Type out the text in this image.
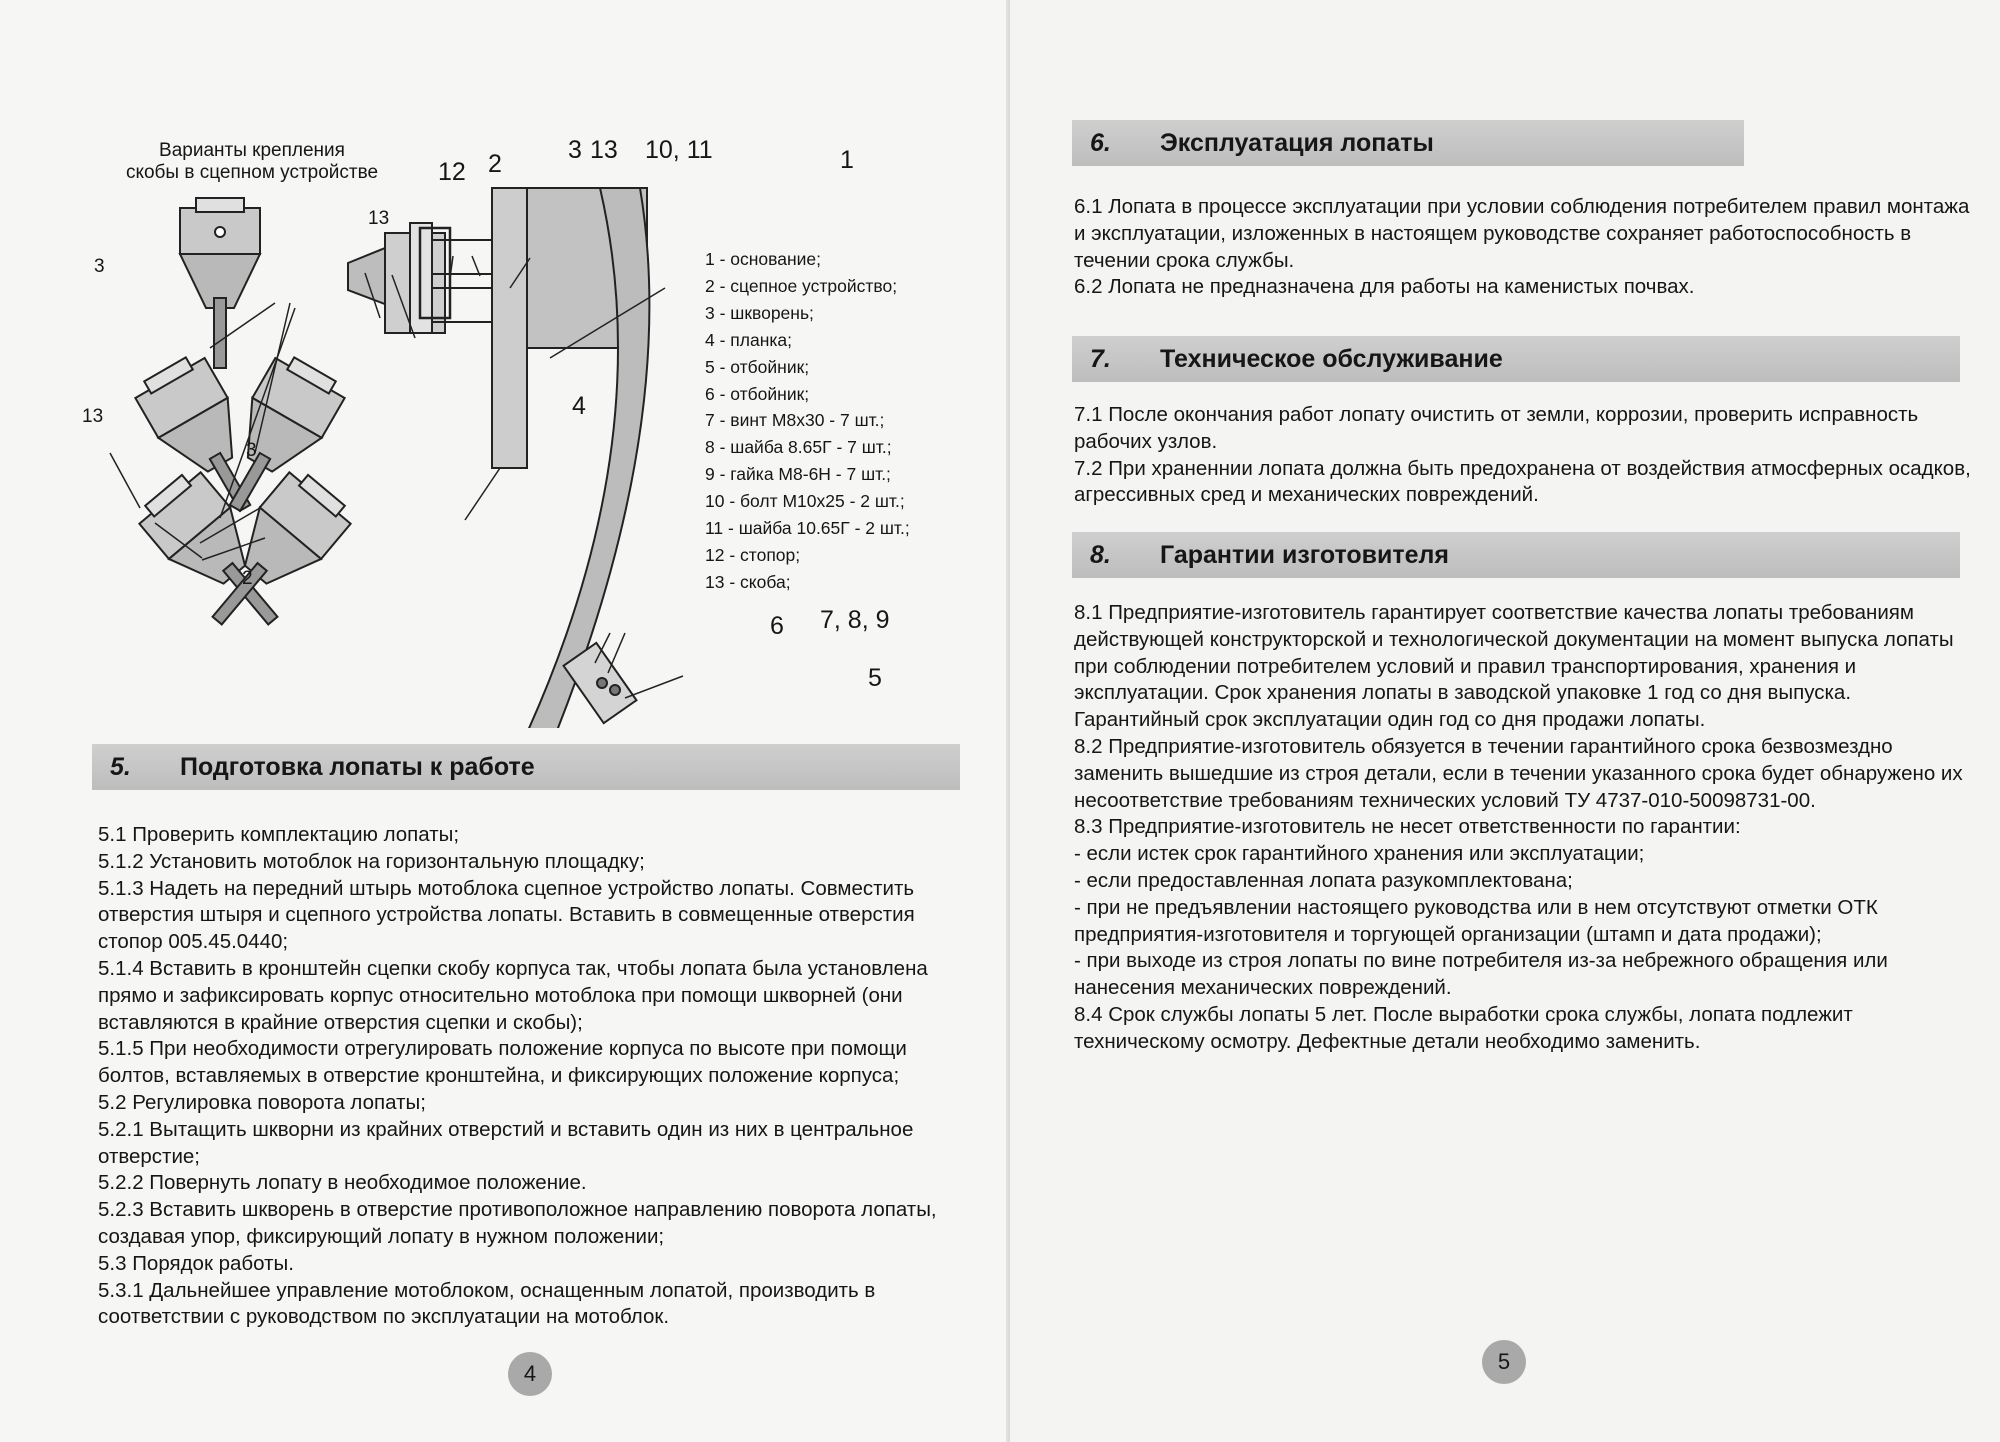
Варианты крепления
скобы в сцепном устройстве 12 2	3 13 10, 11	1
13
3
13
3
2
4
6 7, 8, 9
5
1 - основание;
2 - сцепное устройство;
3 - шкворень;
4 - планка;
5 - отбойник;
6 - отбойник;
7 - винт М8х30 - 7 шт.;
8 - шайба 8.65Г - 7 шт.;
9 - гайка М8-6Н - 7 шт.;
10 - болт М10х25 - 2 шт.;
11 - шайба 10.65Г - 2 шт.;
12 - стопор;
13 - скоба;
5.	Подготовка лопаты к работе
5.1 Проверить комплектацию лопаты;
5.1.2 Установить мотоблок на горизонтальную площадку;
5.1.3 Надеть на передний штырь мотоблока сцепное устройство лопаты. Совместить отверстия штыря и сцепного устройства лопаты. Вставить в совмещенные отверстия стопор 005.45.0440;
5.1.4 Вставить в кронштейн сцепки скобу корпуса так, чтобы лопата была установлена прямо и зафиксировать корпус относительно мотоблока при помощи шкворней (они вставляются в крайние отверстия сцепки и скобы);
5.1.5 При необходимости отрегулировать положение корпуса по высоте при помощи болтов, вставляемых в отверстие кронштейна, и фиксирующих положение корпуса;
5.2 Регулировка поворота лопаты;
5.2.1 Вытащить шкворни из крайних отверстий и вставить один из них в центральное отверстие;
5.2.2 Повернуть лопату в необходимое положение.
5.2.3 Вставить шкворень в отверстие противоположное направлению поворота лопаты, создавая упор, фиксирующий лопату в нужном положении;
5.3 Порядок работы.
5.3.1 Дальнейшее управление мотоблоком, оснащенным лопатой, производить в соответствии с руководством по эксплуатации на мотоблок.
4
6.	Эксплуатация лопаты
6.1 Лопата в процессе эксплуатации при условии соблюдения потребителем правил монтажа и эксплуатации, изложенных в настоящем руководстве сохраняет работоспособность в течении срока службы.
6.2 Лопата не предназначена для работы на каменистых почвах.
7.	Техническое обслуживание
7.1 После окончания работ лопату очистить от земли, коррозии, проверить исправность рабочих узлов.
7.2 При храненнии лопата должна быть предохранена от воздействия атмосферных осадков, агрессивных сред и механических повреждений.
8.	Гарантии изготовителя
8.1 Предприятие-изготовитель гарантирует соответствие качества лопаты требованиям действующей конструкторской и технологической документации на момент выпуска лопаты при соблюдении потребителем условий и правил транспортирования, хранения и эксплуатации. Срок хранения лопаты в заводской упаковке 1 год со дня выпуска. Гарантийный срок эксплуатации один год со дня продажи лопаты.
8.2 Предприятие-изготовитель обязуется в течении гарантийного срока безвозмездно заменить вышедшие из строя детали, если в течении указанного срока будет обнаружено их несоответствие требованиям технических условий ТУ 4737-010-50098731-00.
8.3 Предприятие-изготовитель не несет ответственности по гарантии:
- если истек срок гарантийного хранения или эксплуатации;
- если предоставленная лопата разукомплектована;
- при не предъявлении настоящего руководства или в нем отсутствуют отметки ОТК предприятия-изготовителя и торгующей организации (штамп и дата продажи);
- при выходе из строя лопаты по вине потребителя из-за небрежного обращения или нанесения механических повреждений.
8.4 Срок службы лопаты 5 лет. После выработки срока службы, лопата подлежит техническому осмотру. Дефектные детали необходимо заменить.
5
